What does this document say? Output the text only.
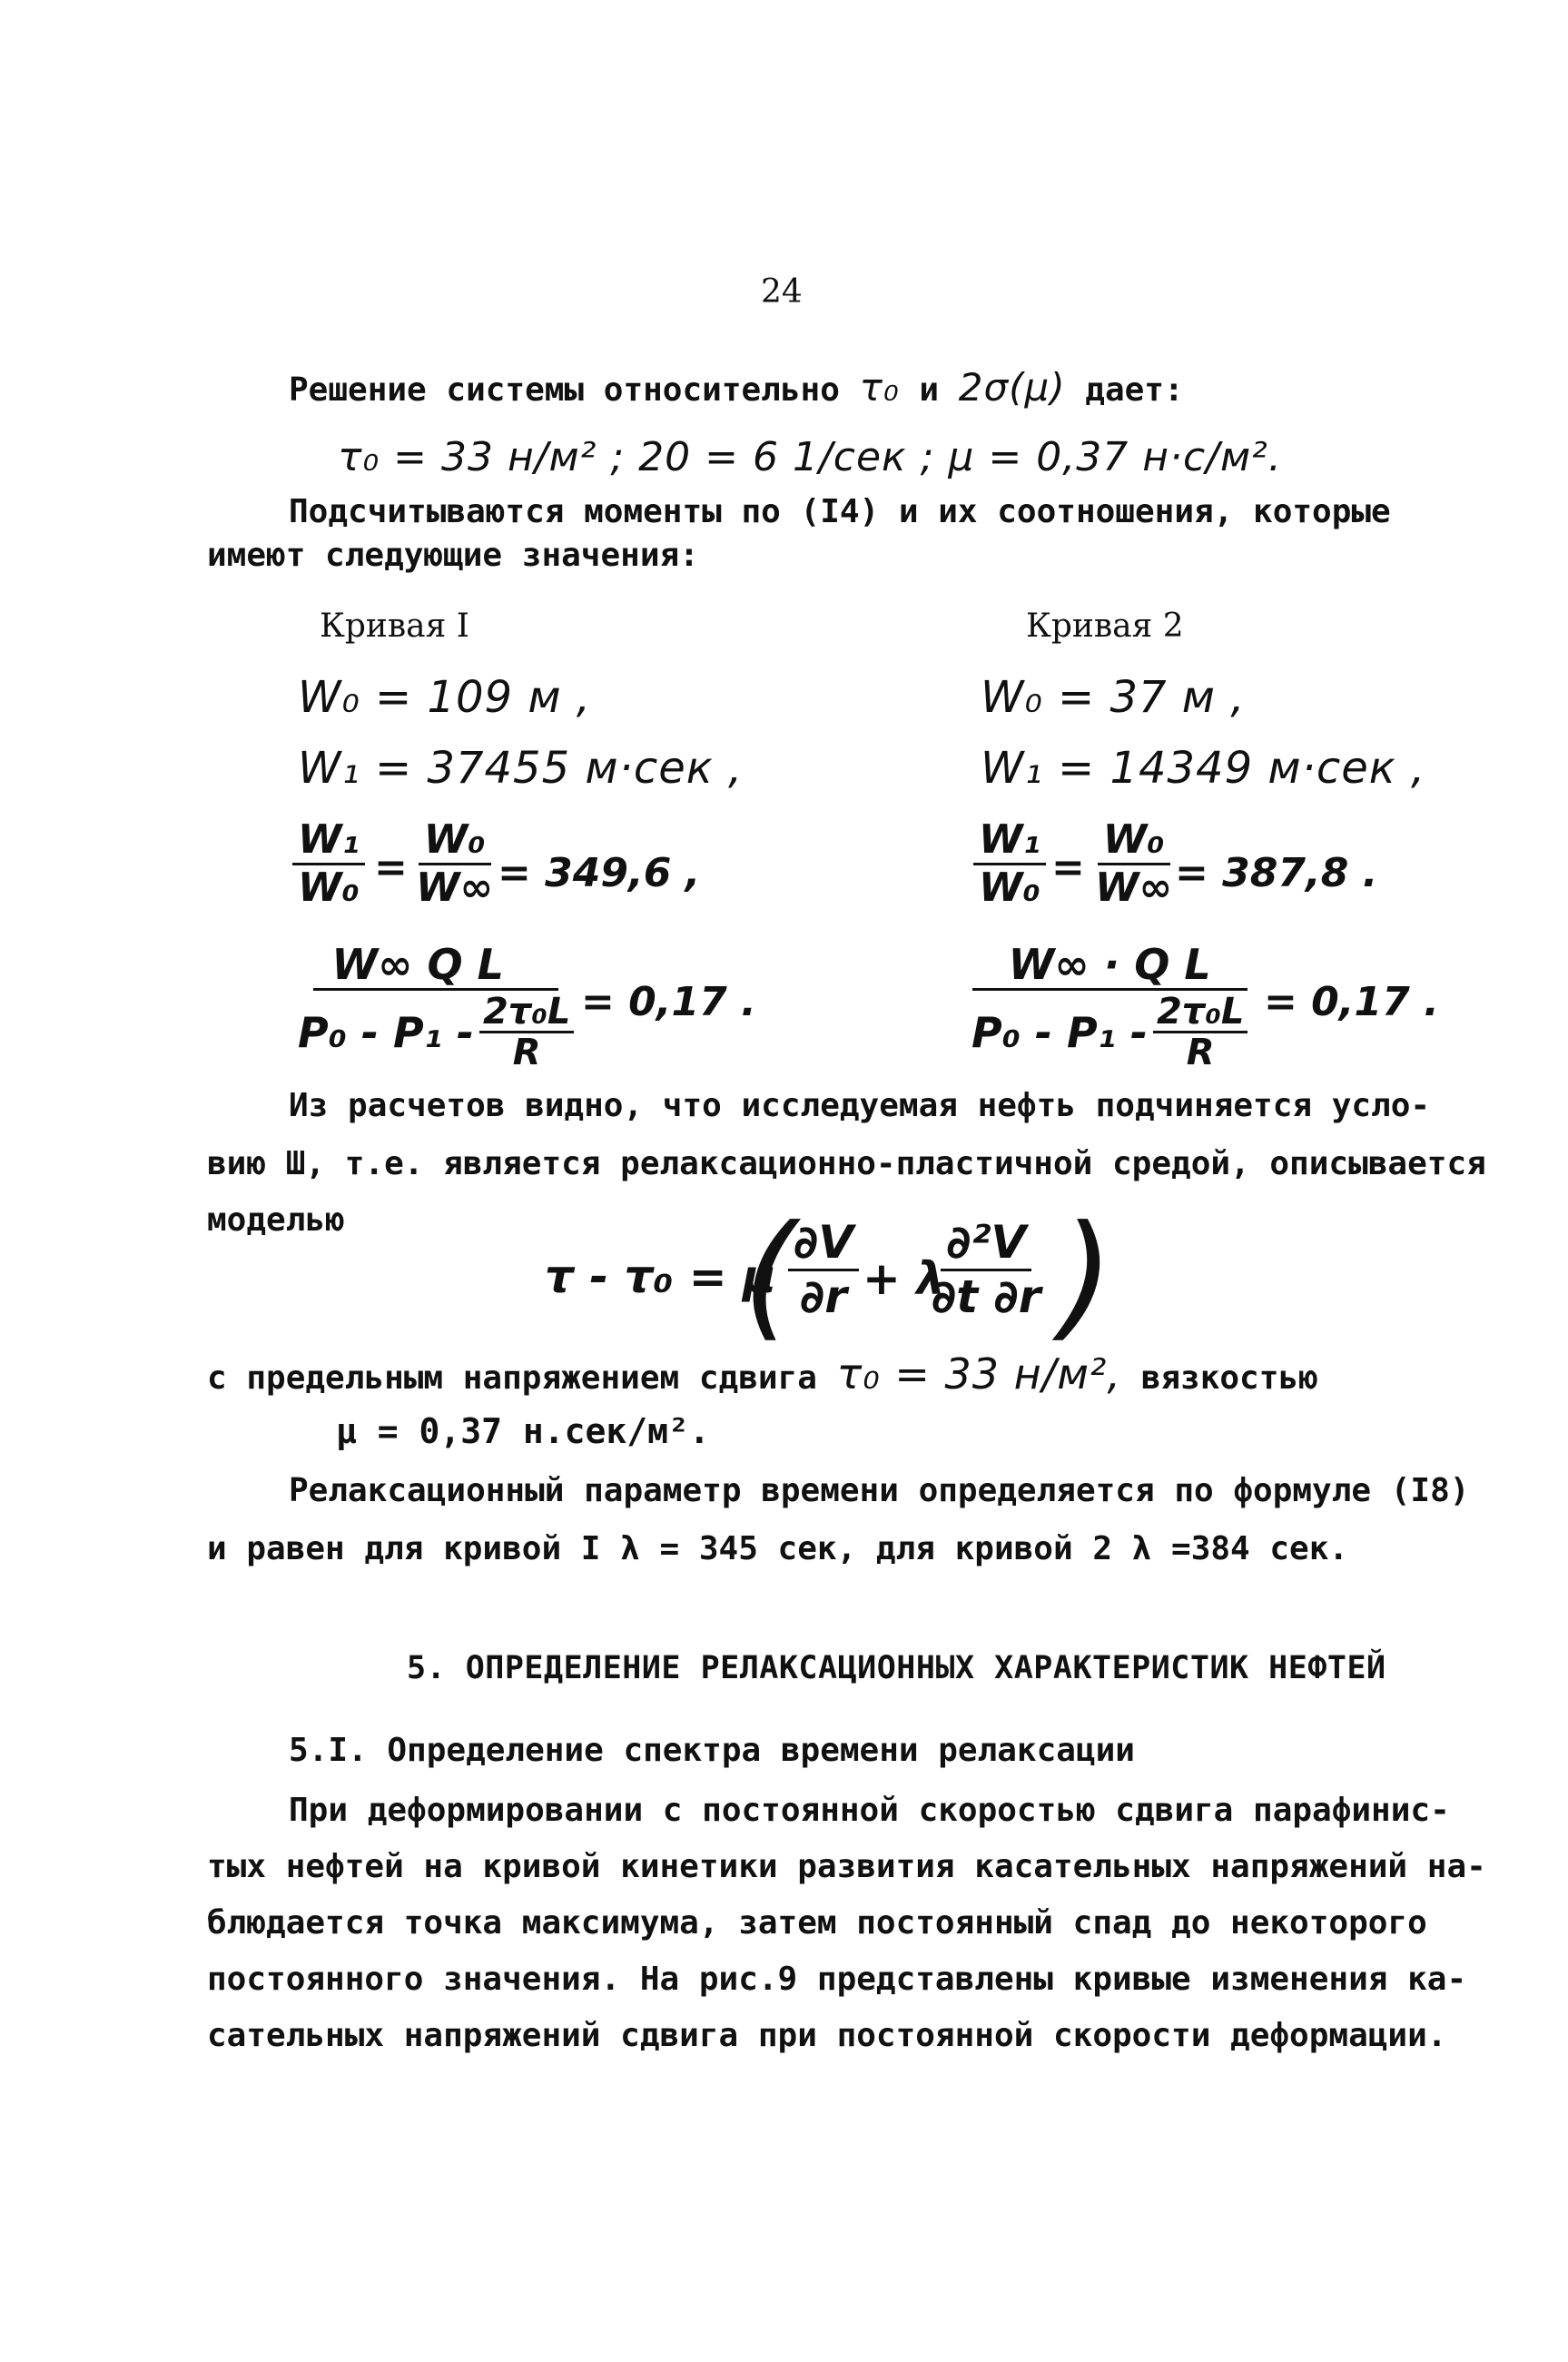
24
Решение системы относительно τ₀ и 2σ(μ) дает:
τ₀ = 33 н/м² ; 20 = 6 1/сек ; μ = 0,37 н·с/м².
Подсчитываются моменты по (I4) и их соотношения, которые
имеют следующие значения:
Кривая I	Кривая 2
W₀ = 109 м ,
W₁ = 37455 м·сек ,
$\frac{\text{W₁}}{\text{W₀}} = \frac{\text{W₀}}{W\infty}$
= 349,6 ,
$\frac{\text{W∞ Q L}}{P_0 - P_1 - \frac{\text{2τ₀L}}{R}} = 0,17$ .
W₀ = 37 м ,
W₁ = 14349 м·сек ,
$\frac{\text{W₁}}{\text{W₀}} = \frac{\text{W₀}}{W\infty}$
= 387,8 .
$\frac{\text{W∞ · Q L}}{P_0 - P_1 - \frac{\text{2τ₀L}}{R}} = 0,17$ .
Из расчетов видно, что исследуемая нефть подчиняется усло-
вию Ш, т.е. является релаксационно-пластичной средой, описывается
моделью
τ - τ₀ = μ
(
$\frac{\partial V}{\partial r} + \lambda$
$\frac{\text{∂²V}}{\partial t \partial r}$ )
с предельным напряжением сдвига τ₀ = 33 н/м², вязкостью
μ = 0,37 н.сек/м².
Релаксационный параметр времени определяется по формуле (I8)
и равен для кривой I λ = 345 сек, для кривой 2 λ =384 сек.
5. ОПРЕДЕЛЕНИЕ РЕЛАКСАЦИОННЫХ ХАРАКТЕРИСТИК НЕФТЕЙ
5.I. Определение спектра времени релаксации
При деформировании с постоянной скоростью сдвига парафинис-
тых нефтей на кривой кинетики развития касательных напряжений на-
блюдается точка максимума, затем постоянный спад до некоторого
постоянного значения. На рис.9 представлены кривые изменения ка-
сательных напряжений сдвига при постоянной скорости деформации.
